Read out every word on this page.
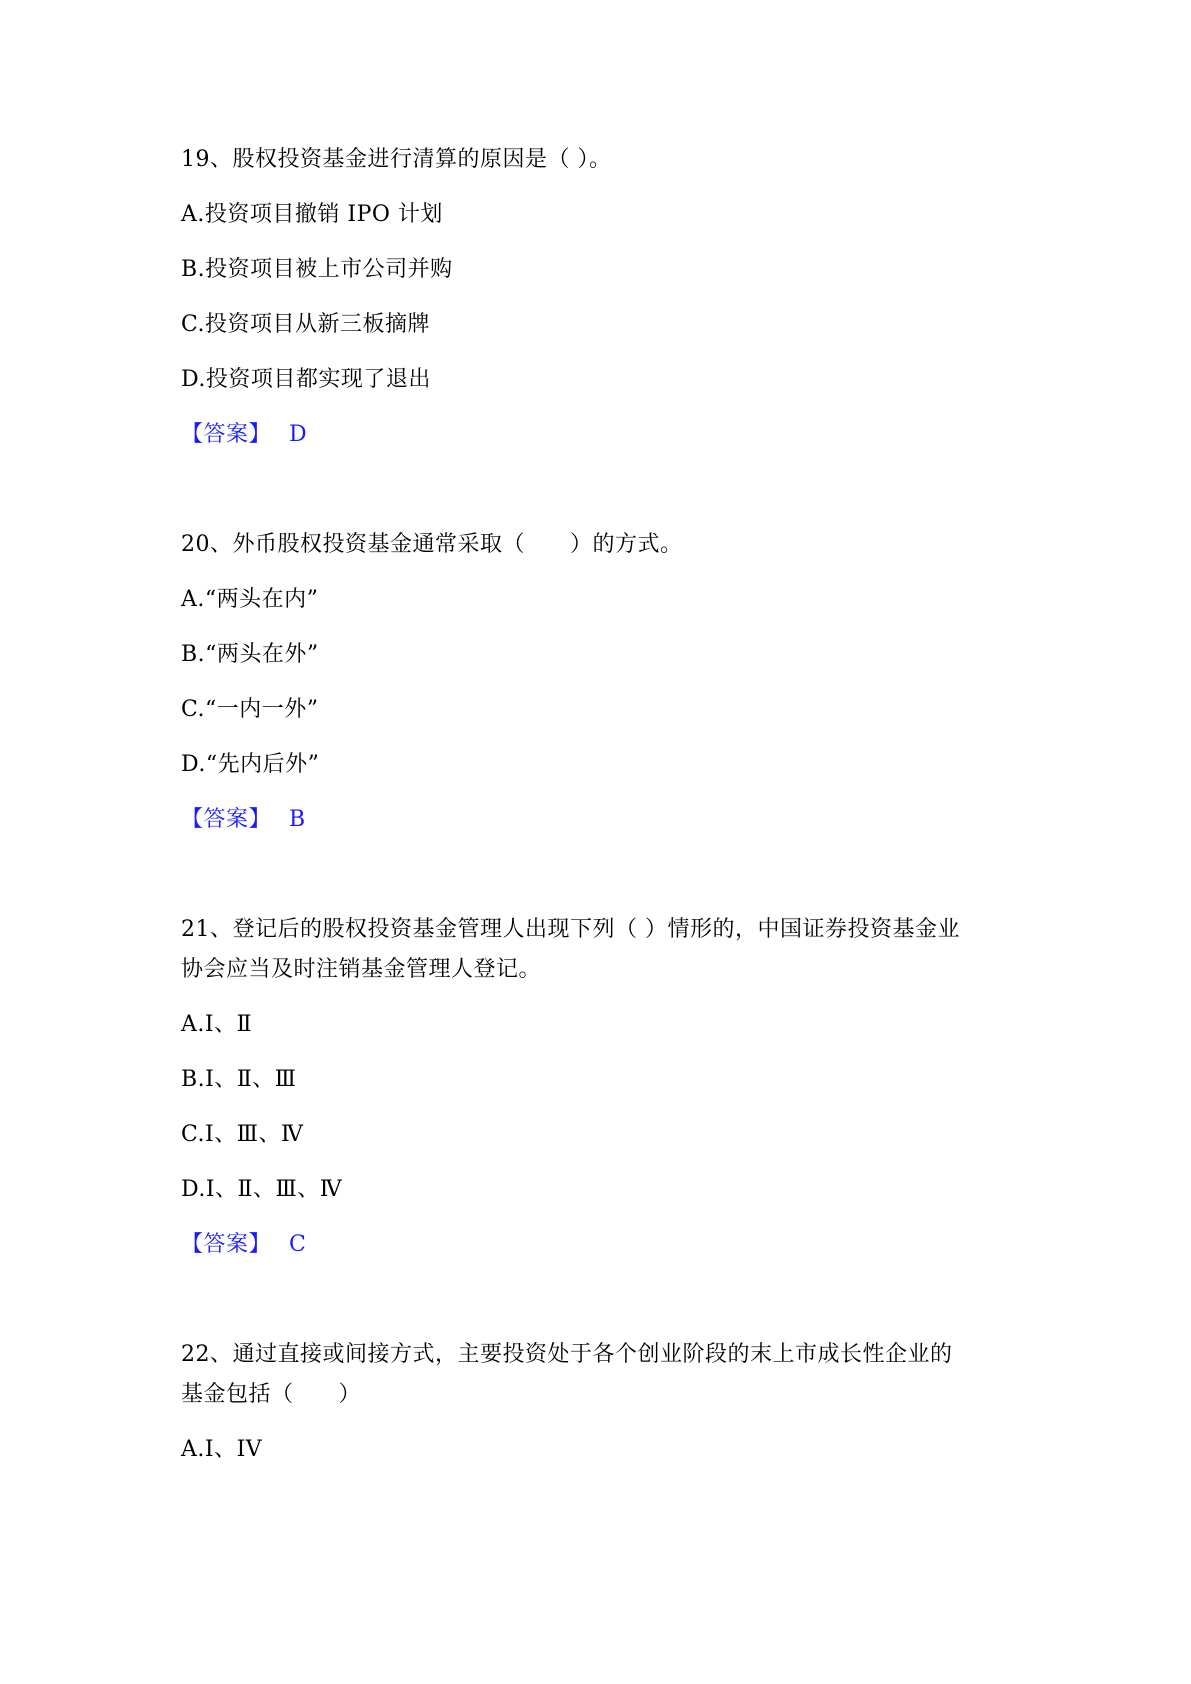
19、股权投资基金进行清算的原因是（ ）。
A.投资项目撤销 IPO 计划
B.投资项目被上市公司并购
C.投资项目从新三板摘牌
D.投资项目都实现了退出
【答案】 D
20、外币股权投资基金通常采取（　　）的方式。
A.“两头在内”
B.“两头在外”
C.“一内一外”
D.“先内后外”
【答案】 B
21、登记后的股权投资基金管理人出现下列（ ）情形的，中国证券投资基金业
协会应当及时注销基金管理人登记。
A.Ⅰ、Ⅱ
B.Ⅰ、Ⅱ、Ⅲ
C.Ⅰ、Ⅲ、Ⅳ
D.Ⅰ、Ⅱ、Ⅲ、Ⅳ
【答案】 C
22、通过直接或间接方式，主要投资处于各个创业阶段的末上市成长性企业的
基金包括（　　）
A.I、IV
